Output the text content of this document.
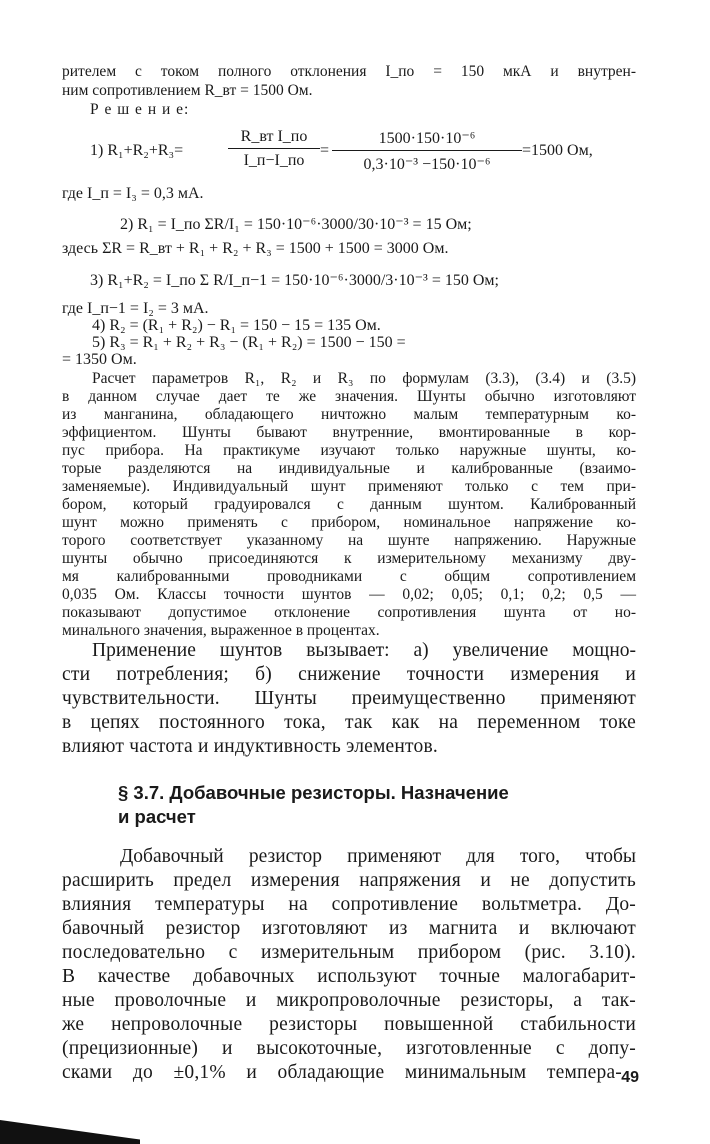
рителем с током полного отклонения I_по = 150 мкА и внутрен-
ним сопротивлением R_вт = 1500 Ом.
Р е ш е н и е:
1) R₁+R₂+R₃=
R_вт I_по
I_п−I_по
=
1500·150·10⁻⁶
0,3·10⁻³ −150·10⁻⁶
=1500 Ом,
где I_п = I₃ = 0,3 мА.
2) R₁ = I_по ΣR/I₁ = 150·10⁻⁶·3000/30·10⁻³ = 15 Ом;
здесь ΣR = R_вт + R₁ + R₂ + R₃ = 1500 + 1500 = 3000 Ом.
3) R₁+R₂ = I_по Σ R/I_п−1 = 150·10⁻⁶·3000/3·10⁻³ = 150 Ом;
где I_п−1 = I₂ = 3 мА.
4) R₂ = (R₁ + R₂) − R₁ = 150 − 15 = 135 Ом.
5) R₃ = R₁ + R₂ + R₃ − (R₁ + R₂) = 1500 − 150 =
= 1350 Ом.
Расчет параметров R₁, R₂ и R₃ по формулам (3.3), (3.4) и (3.5)
в данном случае дает те же значения. Шунты обычно изготовляют
из манганина, обладающего ничтожно малым температурным ко-
эффициентом. Шунты бывают внутренние, вмонтированные в кор-
пус прибора. На практикуме изучают только наружные шунты, ко-
торые разделяются на индивидуальные и калиброванные (взаимо-
заменяемые). Индивидуальный шунт применяют только с тем при-
бором, который градуировался с данным шунтом. Калиброванный
шунт можно применять с прибором, номинальное напряжение ко-
торого соответствует указанному на шунте напряжению. Наружные
шунты обычно присоединяются к измерительному механизму дву-
мя калиброванными проводниками с общим сопротивлением
0,035 Ом. Классы точности шунтов — 0,02; 0,05; 0,1; 0,2; 0,5 —
показывают допустимое отклонение сопротивления шунта от но-
минального значения, выраженное в процентах.
Применение шунтов вызывает: а) увеличение мощно-
сти потребления; б) снижение точности измерения и
чувствительности. Шунты преимущественно применяют
в цепях постоянного тока, так как на переменном токе
влияют частота и индуктивность элементов.
§ 3.7. Добавочные резисторы. Назначение
и расчет
Добавочный резистор применяют для того, чтобы
расширить предел измерения напряжения и не допустить
влияния температуры на сопротивление вольтметра. До-
бавочный резистор изготовляют из магнита и включают
последовательно с измерительным прибором (рис. 3.10).
В качестве добавочных используют точные малогабарит-
ные проволочные и микропроволочные резисторы, а так-
же непроволочные резисторы повышенной стабильности
(прецизионные) и высокоточные, изготовленные с допу-
сками до ±0,1% и обладающие минимальным темпера- 49
